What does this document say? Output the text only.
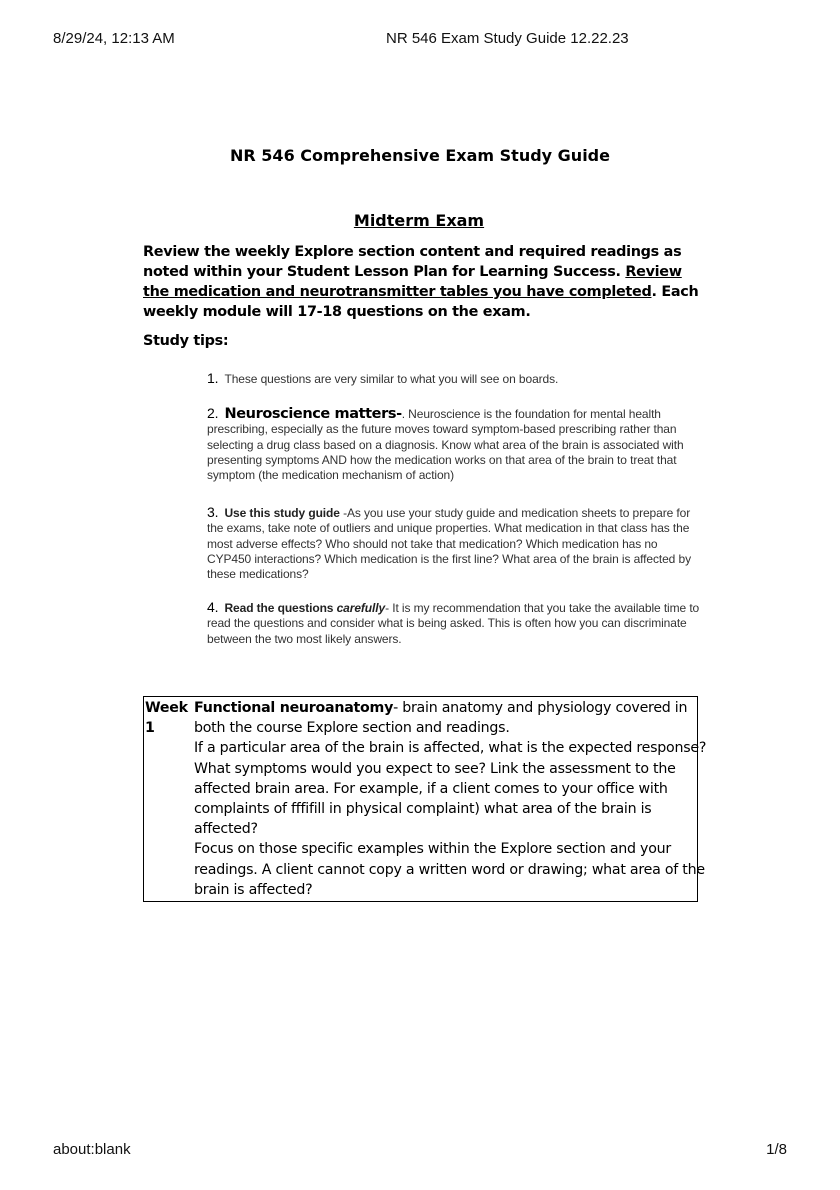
8/29/24, 12:13 AM	NR 546 Exam Study Guide 12.22.23
NR 546 Comprehensive Exam Study Guide
Midterm Exam
Review the weekly Explore section content and required readings as noted within your Student Lesson Plan for Learning Success. Review the medication and neurotransmitter tables you have completed. Each weekly module will 17-18 questions on the exam.
Study tips:
1. These questions are very similar to what you will see on boards.
2. Neuroscience matters-. Neuroscience is the foundation for mental health prescribing, especially as the future moves toward symptom-based prescribing rather than selecting a drug class based on a diagnosis. Know what area of the brain is associated with presenting symptoms AND how the medication works on that area of the brain to treat that symptom (the medication mechanism of action)
3. Use this study guide -As you use your study guide and medication sheets to prepare for the exams, take note of outliers and unique properties. What medication in that class has the most adverse effects? Who should not take that medication? Which medication has no CYP450 interactions? Which medication is the first line? What area of the brain is affected by these medications?
4. Read the questions carefully- It is my recommendation that you take the available time to read the questions and consider what is being asked. This is often how you can discriminate between the two most likely answers.
Week 1

Functional neuroanatomy- brain anatomy and physiology covered in both the course Explore section and readings.

If a particular area of the brain is affected, what is the expected response?

What symptoms would you expect to see? Link the assessment to the affected brain area. For example, if a client comes to your office with complaints of fffifill in physical complaint) what area of the brain is affected?

Focus on those specific examples within the Explore section and your readings. A client cannot copy a written word or drawing; what area of the brain is affected?

about:blank	1/8
